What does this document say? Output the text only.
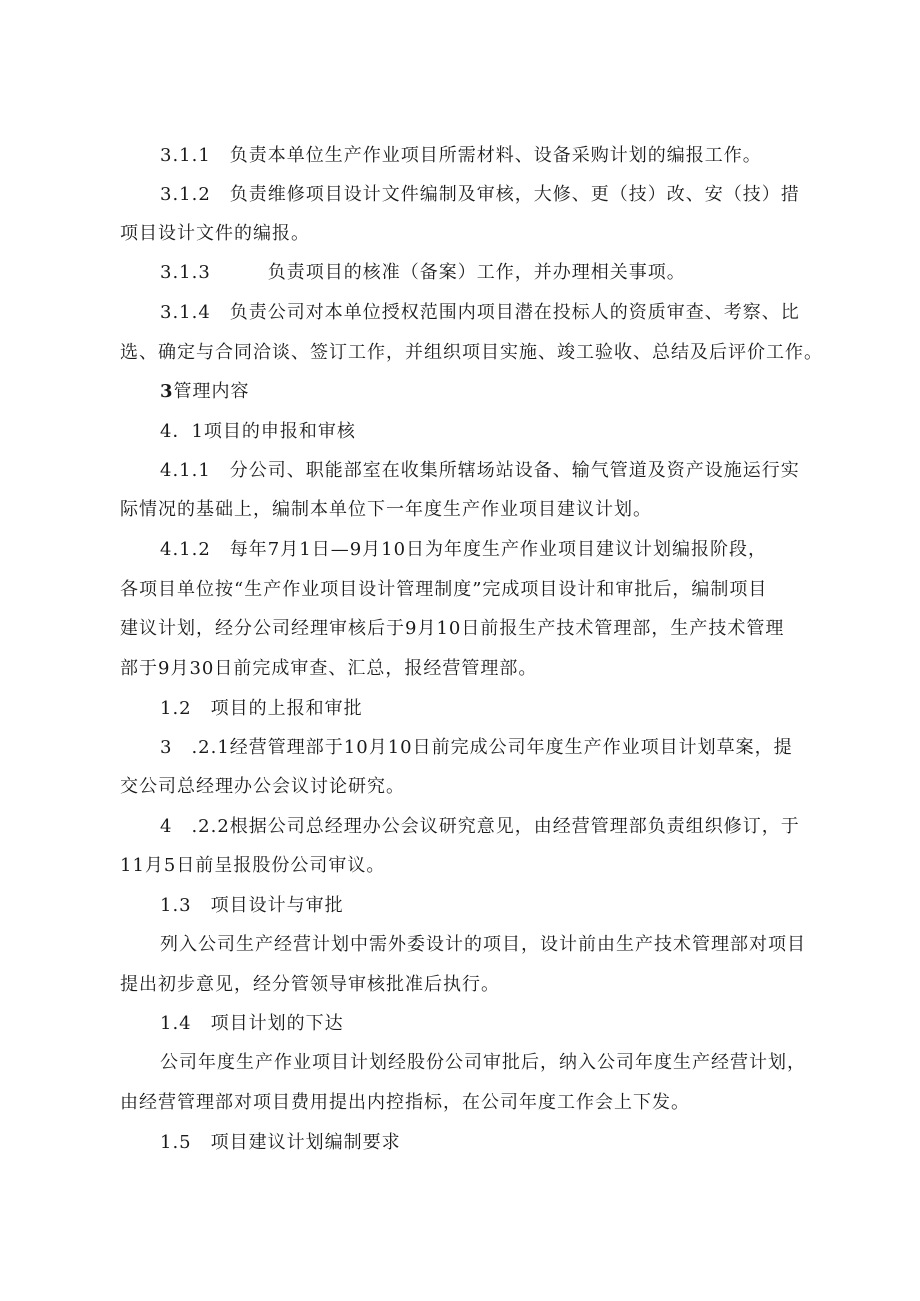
3.1.1　负责本单位生产作业项目所需材料、设备采购计划的编报工作。
3.1.2　负责维修项目设计文件编制及审核，大修、更（技）改、安（技）措
项目设计文件的编报。
3.1.3　　　负责项目的核准（备案）工作，并办理相关事项。
3.1.4　负责公司对本单位授权范围内项目潜在投标人的资质审查、考察、比
选、确定与合同洽谈、签订工作，并组织项目实施、竣工验收、总结及后评价工作。
3管理内容
4．1项目的申报和审核
4.1.1　分公司、职能部室在收集所辖场站设备、输气管道及资产设施运行实
际情况的基础上，编制本单位下一年度生产作业项目建议计划。
4.1.2　每年7月1日—9月10日为年度生产作业项目建议计划编报阶段，
各项目单位按“生产作业项目设计管理制度”完成项目设计和审批后，编制项目
建议计划，经分公司经理审核后于9月10日前报生产技术管理部，生产技术管理
部于9月30日前完成审查、汇总，报经营管理部。
1.2　项目的上报和审批
3　.2.1经营管理部于10月10日前完成公司年度生产作业项目计划草案，提
交公司总经理办公会议讨论研究。
4　.2.2根据公司总经理办公会议研究意见，由经营管理部负责组织修订，于
11月5日前呈报股份公司审议。
1.3　项目设计与审批
列入公司生产经营计划中需外委设计的项目，设计前由生产技术管理部对项目
提出初步意见，经分管领导审核批准后执行。
1.4　项目计划的下达
公司年度生产作业项目计划经股份公司审批后，纳入公司年度生产经营计划，
由经营管理部对项目费用提出内控指标，在公司年度工作会上下发。
1.5　项目建议计划编制要求
